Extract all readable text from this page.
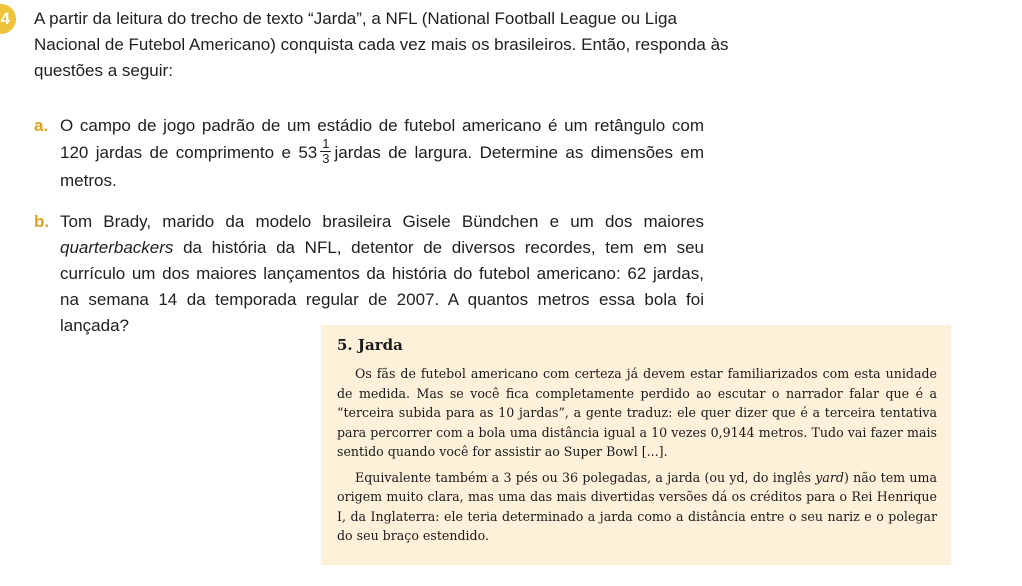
4	A partir da leitura do trecho de texto “Jarda”, a NFL (National Football League ou Liga Nacional de Futebol Americano) conquista cada vez mais os brasileiros. Então, responda às questões a seguir:
a. O campo de jogo padrão de um estádio de futebol americano é um retângulo com 120 jardas de comprimento e $53 \frac{1}{3}$ jardas de largura. Determine as dimensões em metros.
b. Tom Brady, marido da modelo brasileira Gisele Bündchen e um dos maiores quarterbackers da história da NFL, detentor de diversos recordes, tem em seu currículo um dos maiores lançamentos da história do futebol americano: 62 jardas, na semana 14 da temporada regular de 2007. A quantos metros essa bola foi lançada?
5. Jarda

Os fãs de futebol americano com certeza já devem estar familiarizados com esta unidade de medida. Mas se você fica completamente perdido ao escutar o narrador falar que é a “terceira subida para as 10 jardas”, a gente traduz: ele quer dizer que é a terceira tentativa para percorrer com a bola uma distância igual a 10 vezes 0,9144 metros. Tudo vai fazer mais sentido quando você for assistir ao Super Bowl [...].

Equivalente também a 3 pés ou 36 polegadas, a jarda (ou yd, do inglês yard) não tem uma origem muito clara, mas uma das mais divertidas versões dá os créditos para o Rei Henrique I, da Inglaterra: ele teria determinado a jarda como a distância entre o seu nariz e o polegar do seu braço estendido.
